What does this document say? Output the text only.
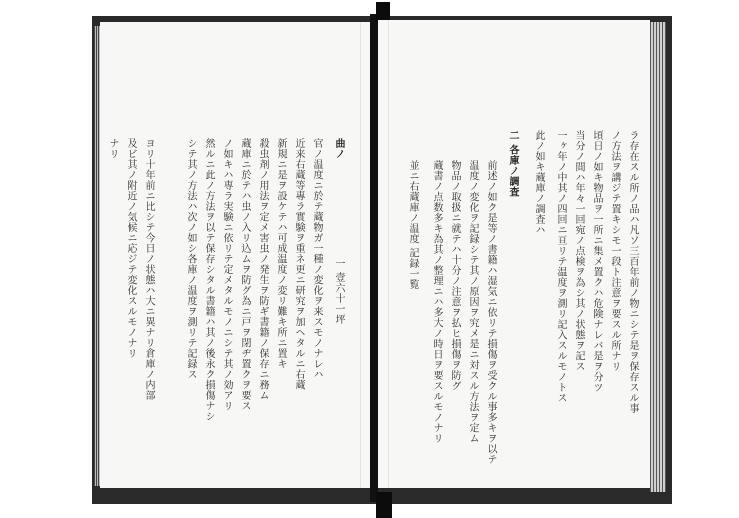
曲ノ
一 壹六十一坪
官ノ温度ニ於テ蔵物ガ一種ノ変化ヲ来スモノナレハ
近来右蔵等專ラ實験ヲ重ネ更ニ研究ヲ加ヘタルニ右蔵
新規ニ是ヲ設ケテハ可成温度ノ変リ難キ所ニ置キ
殺虫剤ノ用法ヲ定メ害虫ノ発生ヲ防ギ書籍ノ保存ニ務ム
蔵庫ニ於テハ虫ノ入リ込ムヲ防グ為ニ戸ヲ閉ヂ置クヲ要ス
ノ如キハ専ラ実験ニ依リテ定メタルモノニシテ其ノ効アリ
然ルニ此ノ方法ヲ以テ保存シタル書籍ハ其ノ後永ク損傷ナシ
シテ其ノ方法ハ次ノ如シ各庫ノ温度ヲ測リテ記録ス
ヨリ十年前ニ比シテ今日ノ状態ハ大ニ異ナリ倉庫ノ内部
及ビ其ノ附近ノ気候ニ応ジテ変化スルモノナリ
ナリ	ラ存在スル所ノ品ハ凡ソ三百年前ノ物ニシテ是ヲ保存スル事
ノ方法ヲ講ジテ置キシモ一段ト注意ヲ要スル所ナリ
頃日ノ如キ物品ヲ一所ニ集メ置クハ危険ナレバ是ヲ分ツ
当分ノ間ハ年々一回宛ノ点検ヲ為シ其ノ状態ヲ記ス
一ヶ年ノ中其ノ四回ニ亘リテ温度ヲ測リ記入スルモノトス
此ノ如キ蔵庫ノ調査ハ
二 各庫ノ調査
前述ノ如ク是等ノ書籍ハ湿気ニ依リテ損傷ヲ受クル事多キヲ以テ
温度ノ変化ヲ記録シテ其ノ原因ヲ究メ是ニ対スル方法ヲ定ム
物品ノ取扱ニ就テハ十分ノ注意ヲ払ヒ損傷ヲ防グ
蔵書ノ点数多キ為其ノ整理ニハ多大ノ時日ヲ要スルモノナリ
並ニ右蔵庫ノ温度 記録一覧
